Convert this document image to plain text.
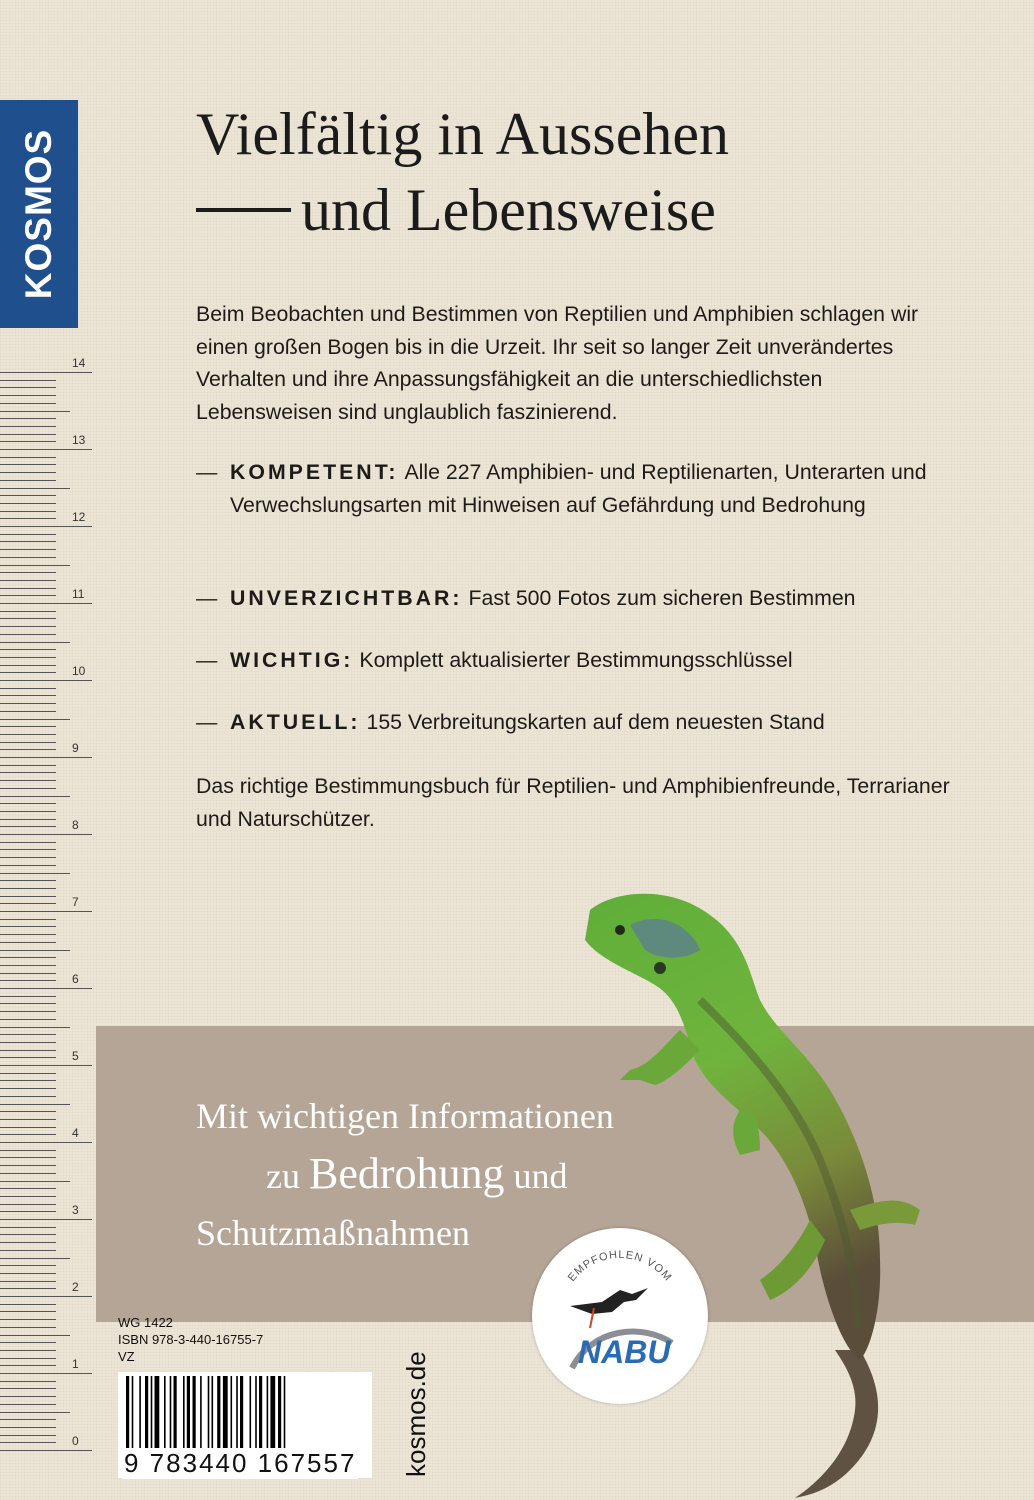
KOSMOS
14
13
12
11
10
9
8
7
6
5
4
3
2
1
0
Vielfältig in Aussehen
und Lebensweise
Beim Beobachten und Bestimmen von Reptilien und Amphibien schlagen wir einen großen Bogen bis in die Urzeit. Ihr seit so langer Zeit unverändertes Verhalten und ihre Anpassungsfähigkeit an die unterschiedlichsten Lebensweisen sind unglaublich faszinierend.
— KOMPETENT: Alle 227 Amphibien- und Reptilienarten, Unterarten und Verwechslungsarten mit Hinweisen auf Gefährdung und Bedrohung
— UNVERZICHTBAR: Fast 500 Fotos zum sicheren Bestimmen
— WICHTIG: Komplett aktualisierter Bestimmungsschlüssel
— AKTUELL: 155 Verbreitungskarten auf dem neuesten Stand
Das richtige Bestimmungsbuch für Reptilien- und Amphibienfreunde, Terrarianer und Naturschützer.
Mit wichtigen Informationen
zu Bedrohung und
Schutzmaßnahmen
EMPFOHLEN VOM
NABU
WG 1422
ISBN 978-3-440-16755-7
VZ
9 783440 167557 kosmos.de
